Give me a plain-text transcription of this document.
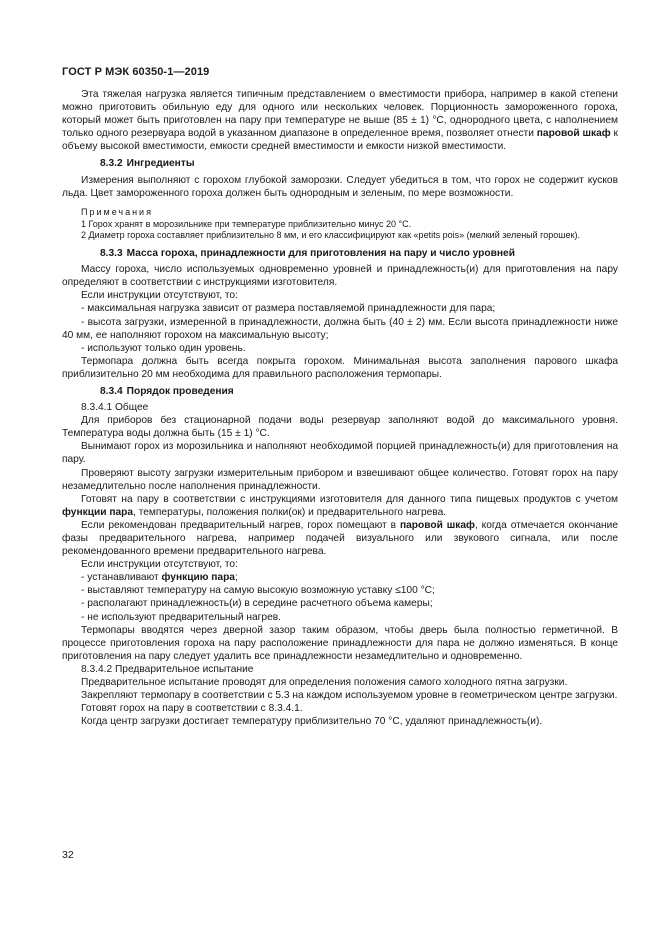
ГОСТ Р МЭК 60350-1—2019

Эта тяжелая нагрузка является типичным представлением о вместимости прибора, например в какой степени можно приготовить обильную еду для одного или нескольких человек. Порционность замороженного гороха, который может быть приготовлен на пару при температуре не выше (85 ± 1) °С, однородного цвета, с наполнением только одного резервуара водой в указанном диапазоне в определенное время, позволяет отнести паровой шкаф к объему высокой вместимости, емкости средней вместимости и емкости низкой вместимости.

8.3.2 Ингредиенты

Измерения выполняют с горохом глубокой заморозки. Следует убедиться в том, что горох не содержит кусков льда. Цвет замороженного гороха должен быть однородным и зеленым, по мере возможности.

Примечания

1 Горох хранят в морозильнике при температуре приблизительно минус 20 °С.

2 Диаметр гороха составляет приблизительно 8 мм, и его классифицируют как «petits pois» (мелкий зеленый горошек).

8.3.3 Масса гороха, принадлежности для приготовления на пару и число уровней

Массу гороха, число используемых одновременно уровней и принадлежность(и) для приготовления на пару определяют в соответствии с инструкциями изготовителя.

Если инструкции отсутствуют, то:

- максимальная нагрузка зависит от размера поставляемой принадлежности для пара;

- высота загрузки, измеренной в принадлежности, должна быть (40 ± 2) мм. Если высота принадлежности ниже 40 мм, ее наполняют горохом на максимальную высоту;

- используют только один уровень.

Термопара должна быть всегда покрыта горохом. Минимальная высота заполнения парового шкафа приблизительно 20 мм необходима для правильного расположения термопары.

8.3.4 Порядок проведения

8.3.4.1 Общее

Для приборов без стационарной подачи воды резервуар заполняют водой до максимального уровня. Температура воды должна быть (15 ± 1) °С.

Вынимают горох из морозильника и наполняют необходимой порцией принадлежность(и) для приготовления на пару.

Проверяют высоту загрузки измерительным прибором и взвешивают общее количество. Готовят горох на пару незамедлительно после наполнения принадлежности.

Готовят на пару в соответствии с инструкциями изготовителя для данного типа пищевых продуктов с учетом функции пара, температуры, положения полки(ок) и предварительного нагрева.

Если рекомендован предварительный нагрев, горох помещают в паровой шкаф, когда отмечается окончание фазы предварительного нагрева, например подачей визуального или звукового сигнала, или после рекомендованного времени предварительного нагрева.

Если инструкции отсутствуют, то:

- устанавливают функцию пара;

- выставляют температуру на самую высокую возможную уставку ≤100 °С;

- располагают принадлежность(и) в середине расчетного объема камеры;

- не используют предварительный нагрев.

Термопары вводятся через дверной зазор таким образом, чтобы дверь была полностью герметичной. В процессе приготовления гороха на пару расположение принадлежности для пара не должно изменяться. В конце приготовления на пару следует удалить все принадлежности незамедлительно и одновременно.

8.3.4.2 Предварительное испытание

Предварительное испытание проводят для определения положения самого холодного пятна загрузки.

Закрепляют термопару в соответствии с 5.3 на каждом используемом уровне в геометрическом центре загрузки.

Готовят горох на пару в соответствии с 8.3.4.1.

Когда центр загрузки достигает температуру приблизительно 70 °С, удаляют принадлежность(и).

32
